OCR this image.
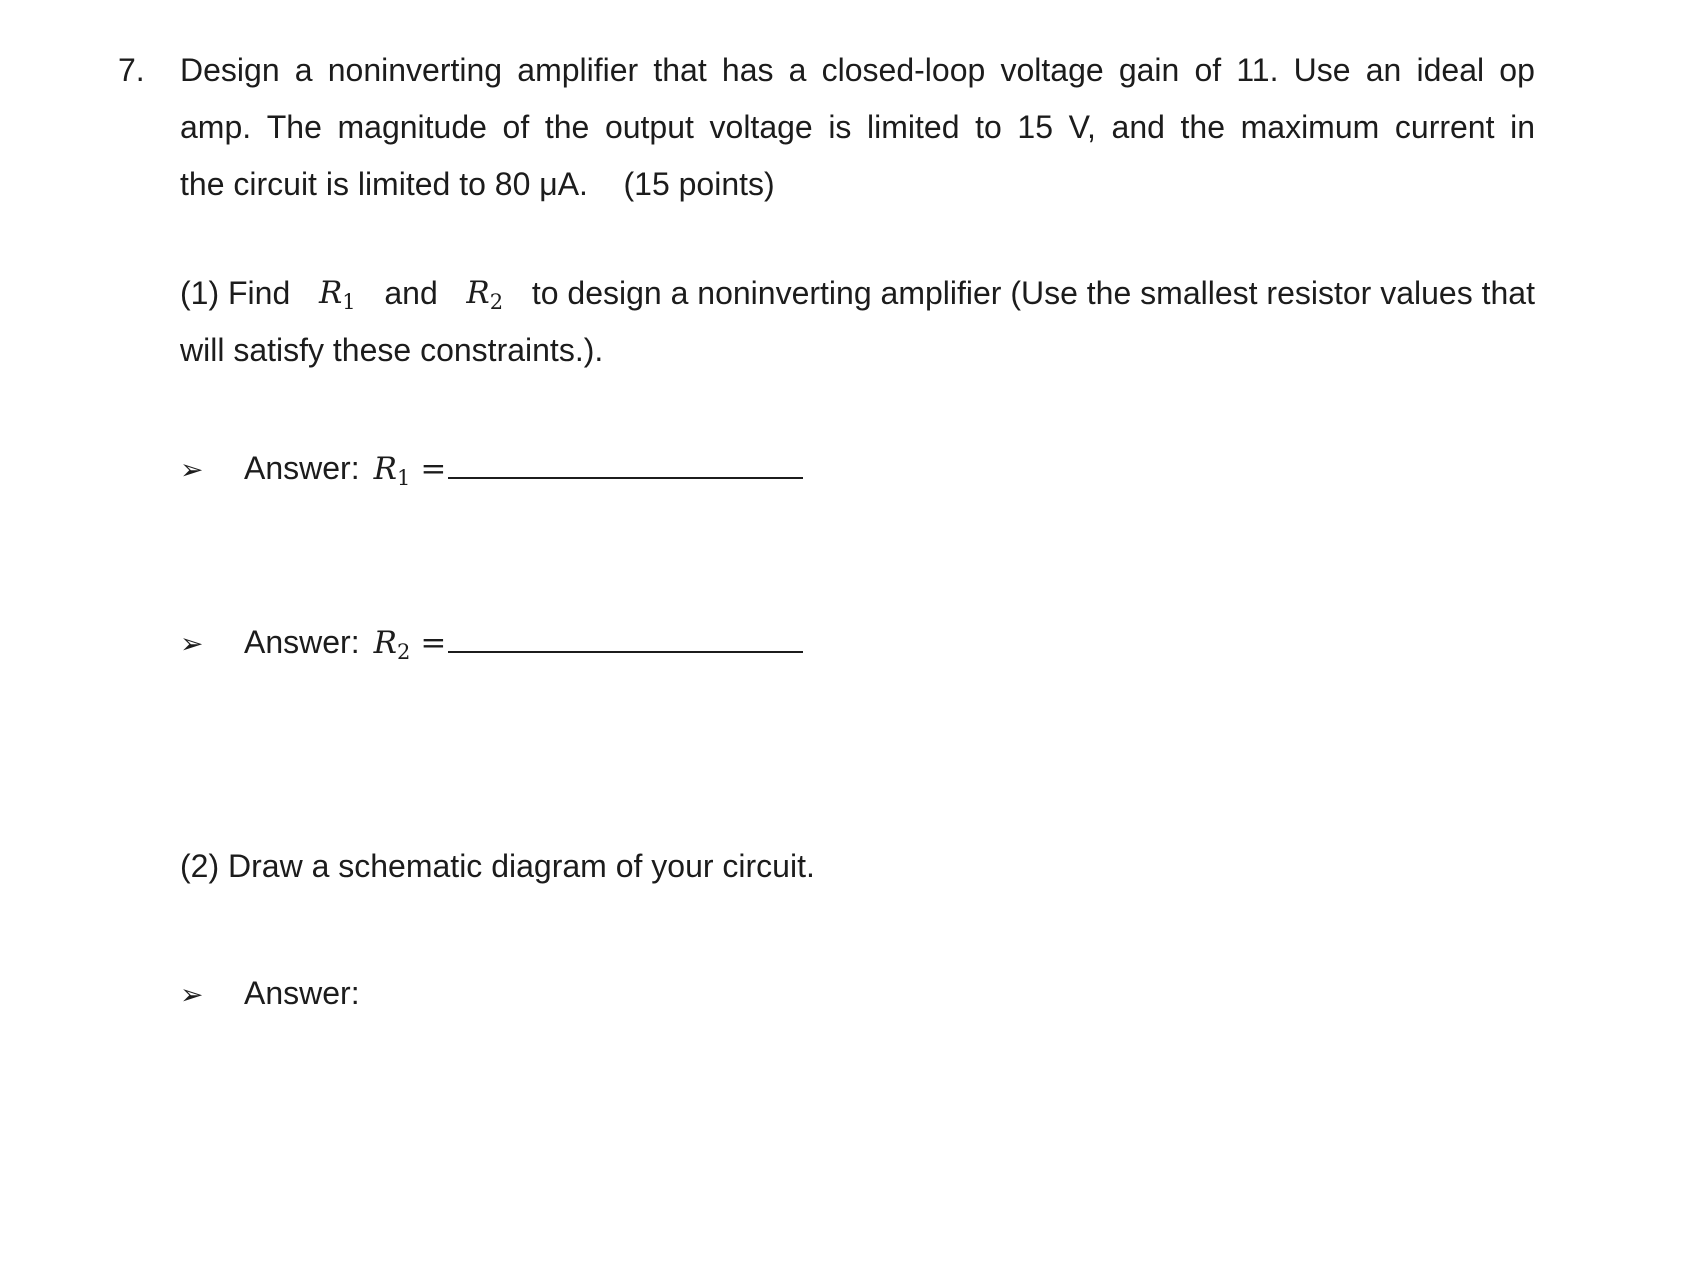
7. Design a noninverting amplifier that has a closed-loop voltage gain of 11. Use an ideal op
amp. The magnitude of the output voltage is limited to 15 V, and the maximum current in
the circuit is limited to 80 μA.    (15 points)
(1) Find $R_1$ and $R_2$ to design a noninverting amplifier (Use the smallest resistor values that
will satisfy these constraints.).
➢	Answer: $R_1$ =
➢	Answer: $R_2$ =
(2) Draw a schematic diagram of your circuit.
➢	Answer:
